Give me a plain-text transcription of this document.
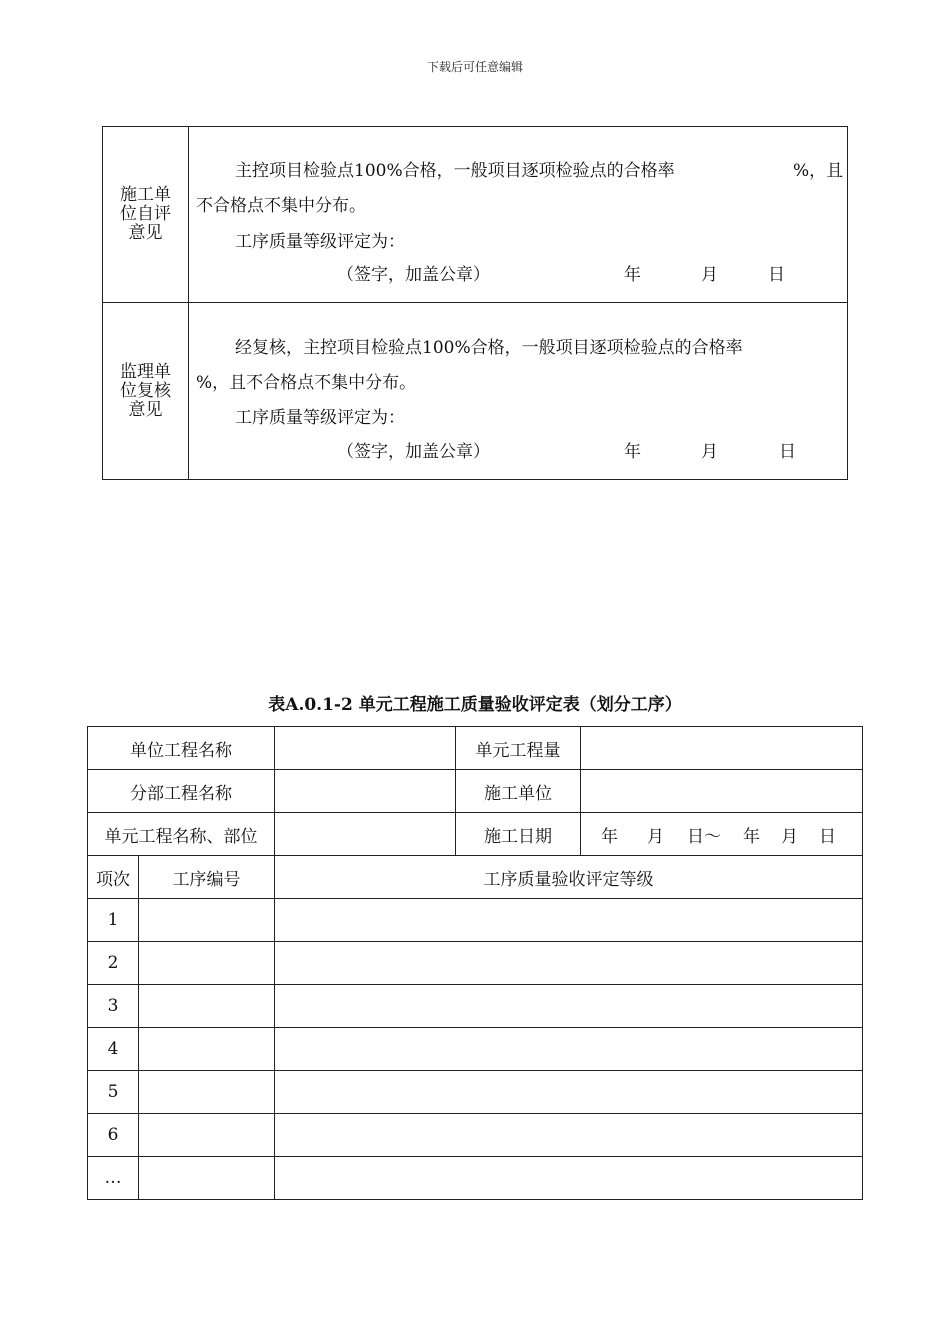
下载后可任意编辑
施工单位自评意见
主控项目检验点100%合格，一般项目逐项检验点的合格率	%，且
不合格点不集中分布。
工序质量等级评定为：
（签字，加盖公章）	年	月	日
监理单位复核意见
经复核，主控项目检验点100%合格，一般项目逐项检验点的合格率
%，且不合格点不集中分布。
工序质量等级评定为：
（签字，加盖公章）	年	月	日
表A.0.1-2 单元工程施工质量验收评定表（划分工序）
单位工程名称			单元工程量	
分部工程名称			施工单位	
单元工程名称、部位			施工日期	年 月 日～ 年 月 日
项次	工序编号	工序质量验收评定等级		
1				
2				
3				
4				
5				
6				
…				
